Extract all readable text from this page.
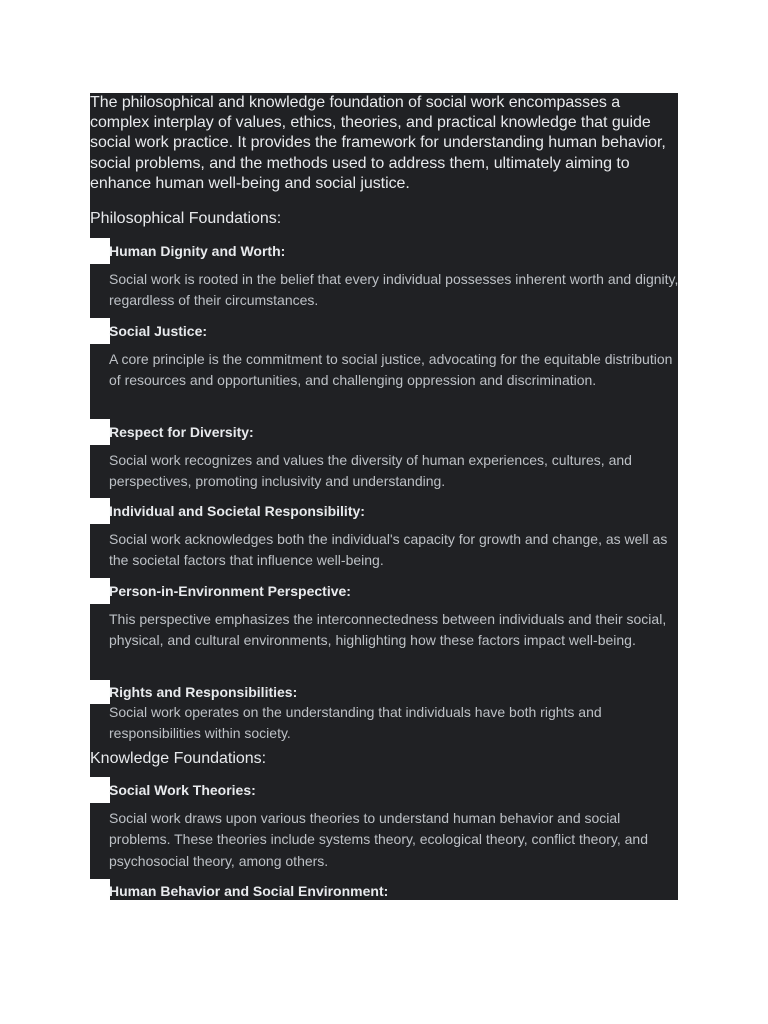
The philosophical and knowledge foundation of social work encompasses a complex interplay of values, ethics, theories, and practical knowledge that guide social work practice. It provides the framework for understanding human behavior, social problems, and the methods used to address them, ultimately aiming to enhance human well-being and social justice.

Philosophical Foundations:

Human Dignity and Worth:

Social work is rooted in the belief that every individual possesses inherent worth and dignity, regardless of their circumstances.

Social Justice:

A core principle is the commitment to social justice, advocating for the equitable distribution of resources and opportunities, and challenging oppression and discrimination.

Respect for Diversity:

Social work recognizes and values the diversity of human experiences, cultures, and perspectives, promoting inclusivity and understanding.

Individual and Societal Responsibility:

Social work acknowledges both the individual's capacity for growth and change, as well as the societal factors that influence well-being.

Person-in-Environment Perspective:

This perspective emphasizes the interconnectedness between individuals and their social, physical, and cultural environments, highlighting how these factors impact well-being.

Rights and Responsibilities:

Social work operates on the understanding that individuals have both rights and responsibilities within society.

Knowledge Foundations:

Social Work Theories:

Social work draws upon various theories to understand human behavior and social problems. These theories include systems theory, ecological theory, conflict theory, and psychosocial theory, among others.

Human Behavior and Social Environment:
